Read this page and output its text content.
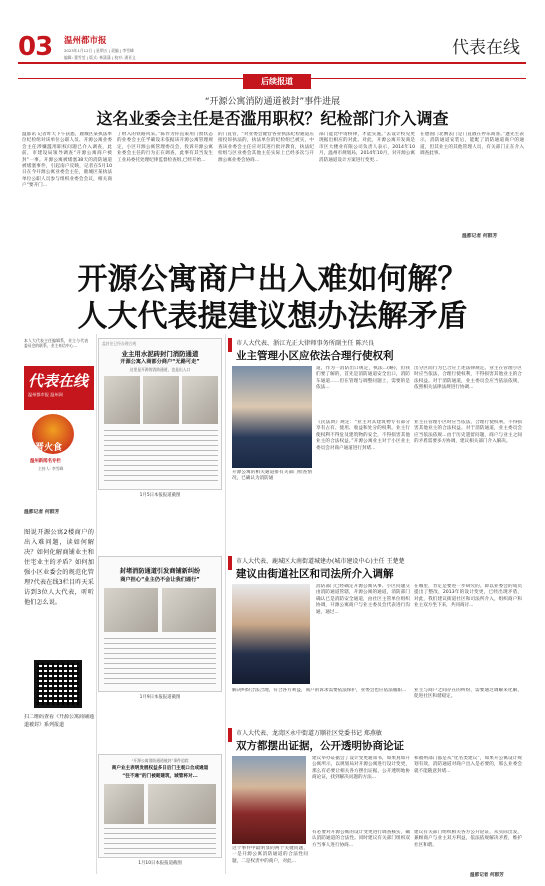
03 温州都市报
2023年1月12日 | 星期五 | 责编 | 李雪峰
编辑: 董雪莹 | 版式: 林潇潇 | 校对: 潘亚义	代表在线
后续报道
“开源公寓消防通道被封”事件进展
这名业委会主任是否滥用职权？纪检部门介入调查
温都讯 记者昨天下午获悉，鹿城区某执法单位纪检组对该单位公职人员、开源公寓业委会主任涉嫌滥用职权问题已介入调查，此前，市建设局领导调查“开源公寓商户被封”一事。开源公寓被堵塞38天的消防通道被堵塞事件，引起南户反映，记者在5月10日在今开源公寓业委会主任，鹿城区某执法单位公职人员参与组织业委会会议，相关商户“要开门...
了财入的铁路风采。”陈作为你直策用门窗状态的业委会主任孚确设未依据该开源公寓管理规定，小区开源公寓管理委员会，投诉开源公寓业委会主任的行为正在调查，此事有其当发生工业局委托处理纪律监督检查组,已经开始...
的门直管，“对业委会键营各业执法纪检通道压接投诉执法的，执法单位的纪检组已被实，中查该业委会主任应对其进行批评教育，执法纪检组与区业委会其他主任实际上已经多次与开源公寓业委会协商...
部门能比中请桥律，才能实施。”去设计校见更现据出相应的对此。对此，开源公寓开发商是市区大楼业有限公司负责人表示，2014年10月，温州市规划局，2014年10月，对开源公寓消防通道设计方案进行变更...
在德国门北侧去门是门直散在停乐商客。”逢先生表示，消防通道安装后，能配了消防通道商户的通道，但其业主的其他管理人员，有关部门正在介入调查此事。
温都记者 何群芳
开源公寓商户出入难如何解？
人大代表提建议想办法解矛盾
本人大代表主任编辑系，业主与代表委员会的联系，业主来信中心...
代表在线
温州都市报 温州网
晋火食
温州新闻名专栏
主持人: 李雪峰
温都记者 何群芳
图说开源公寓2楼商户的出入难问题，读如何解决？如何化解商铺业主和住宅业主的矛盾？如何加强小区业委会的规范化管理?代表在线3栏目昨天采访到3位人大代表，听听他们怎么说。
扫二维码查看《开源公寓商铺通道被封》系列报道
盖封住已经办理合规
业主用水泥砖封门消防通道
开源公寓入商部分商户“无路可走”
这里是开源的消防通道，也是出入口
1月5日本报报道截图
封堵消防通道引发商铺新纠纷
商户担心“业主仍不会让我们通行”
1月9日本报报道截图
“开源公寓消防通道被封”事件追踪
商户业主表明发展权益多日后门主观口合成通道
“往不通”的门被砌建筑，城管将对...
1月10日本报报道截图
市人大代表、浙江光正大律师事务所副主任 陈兴良
业主管理小区应依法合理行使权利
开源公寓的相关通道排有关部门检查情况，已确认为消防通
道，作为一消防出口规定，执法...(略)，但我们要了解的，首先是消防通道安全出口，消防车通道……但在管理与调整问题上，需要的是依法...
出分区而行为已合应上述法律规定。业主在管理小区时应当依法，合理行使权利，不得损害其他业主的合法权益。对于消防通道，业主委员会应当依法依规，依照相关法律法规进行协调...
《民法典》规定：“业主对其建筑物专有部分享有占有、使用、收益和处分的权利。业主行使权利不得危及建筑物的安全，不得损害其他业主的合法权益。”开源公寓业主对于小区业主委员会对商户通道进行封堵...
业主在管理小区时应当依法，合理行使权利，不得损害其他业主的合法权益。对于消防通道，业主委员会应当依法依规...由于历史遗留问题，商户与业主之间的矛盾需要多方协调，建议相关部门介入解决。
市人大代表、鹿城区大南街道城建办(城市建设中心)主任 王楚楚
建议由街道社区和司法所介入调解
消防部门已经确定开源公寓从事、小区问题交由消防通道管辖，开源公寓的通道，消防部门确认已是消防安全通道，由社区主管单位组织协调，开源公寓商户与业主委员会代表进行沟通，通过...
在哪里，肯定是要进一步研究的。即以业委会的成员提出了整改，2013年的设计变更，已经出现矛盾，对此，我们建议街道社区和司法所介入，组织商户和业主双方坐下来，共同商讨...
解决纠纷合法合理，符合各方利益，商户的诉求需要依法保护，业委会也应依法履职...	业主与商户之间存在的纠纷，需要通过调解来化解，促进社区和谐稳定。
市人大代表、龙湾区永中街道万顺社区党委书记 郑燕敏
双方都摆出证据，公开透明协商论证
这个事件中最明显的两个关键问题，一是开源公寓消防通道的合法性问题，二是权责中的商户，对此...
建议举办证据会了设计变更通知书，如果真如开公寓所示，以规划局对开源公寓进行设计变更，那么有必要让相关各方摆出证据，公开透明地协商论证，找到解决问题的方法...
有必要对开源公寓的设计变更进行调查核实，确认消防通道的合法性。同时建议有关部门组织双方当事人进行协商...
和福州部门都是从“化名类建议”，如果开公寓设计规划有效，消防通道对商户出入是必要的，那么业委会就不能随意封堵...
建议有关部门组织相关各方公开论证，从实际出发，兼顾商户与业主双方利益，依法依规解决矛盾，维护社区和谐。
温都记者 何群芳
